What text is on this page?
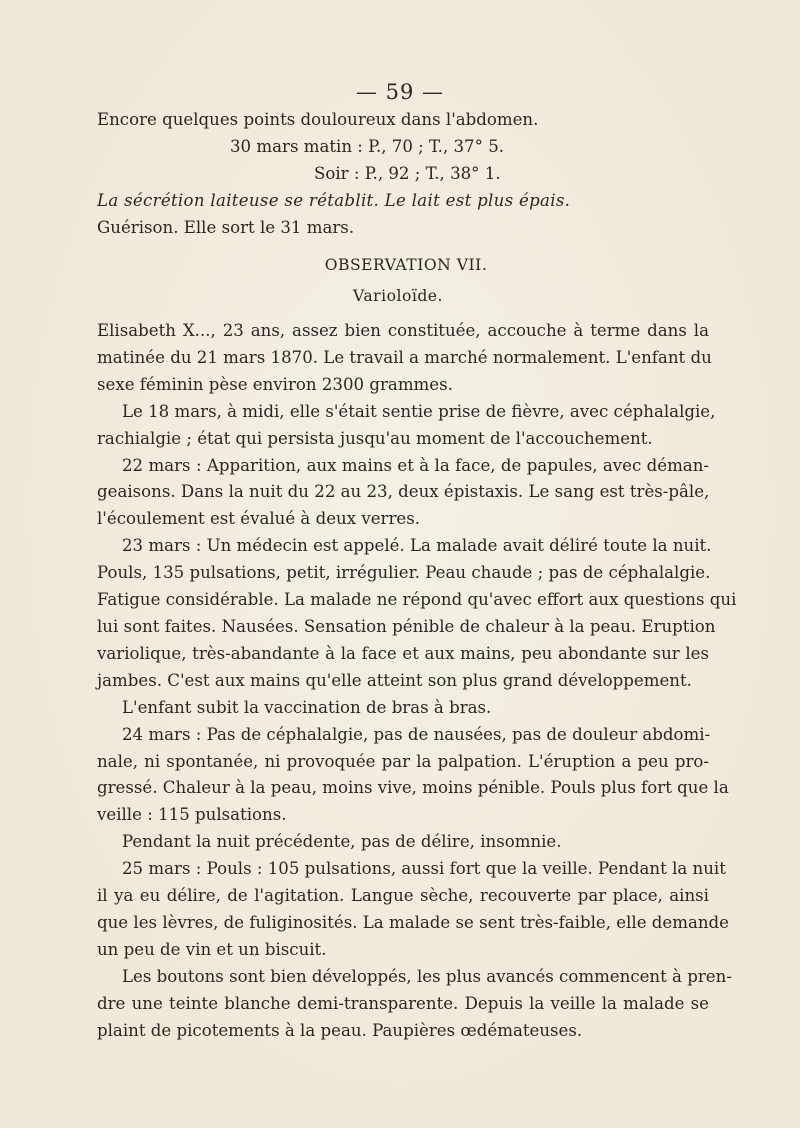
— 59 —
Encore quelques points douloureux dans l'abdomen.
30 mars matin : P., 70 ; T., 37° 5.
Soir : P., 92 ; T., 38° 1.
La sécrétion laiteuse se rétablit. Le lait est plus épais.
Guérison. Elle sort le 31 mars.
OBSERVATION VII.
Varioloïde.
Elisabeth X..., 23 ans, assez bien constituée, accouche à terme dans la
matinée du 21 mars 1870. Le travail a marché normalement. L'enfant du
sexe féminin pèse environ 2300 grammes.
Le 18 mars, à midi, elle s'était sentie prise de fièvre, avec céphalalgie,
rachialgie ; état qui persista jusqu'au moment de l'accouchement.
22 mars : Apparition, aux mains et à la face, de papules, avec déman-
geaisons. Dans la nuit du 22 au 23, deux épistaxis. Le sang est très-pâle,
l'écoulement est évalué à deux verres.
23 mars : Un médecin est appelé. La malade avait déliré toute la nuit.
Pouls, 135 pulsations, petit, irrégulier. Peau chaude ; pas de céphalalgie.
Fatigue considérable. La malade ne répond qu'avec effort aux questions qui
lui sont faites. Nausées. Sensation pénible de chaleur à la peau. Eruption
variolique, très-abandante à la face et aux mains, peu abondante sur les
jambes. C'est aux mains qu'elle atteint son plus grand développement.
L'enfant subit la vaccination de bras à bras.
24 mars : Pas de céphalalgie, pas de nausées, pas de douleur abdomi-
nale, ni spontanée, ni provoquée par la palpation. L'éruption a peu pro-
gressé. Chaleur à la peau, moins vive, moins pénible. Pouls plus fort que la
veille : 115 pulsations.
Pendant la nuit précédente, pas de délire, insomnie.
25 mars : Pouls : 105 pulsations, aussi fort que la veille. Pendant la nuit
il ya eu délire, de l'agitation. Langue sèche, recouverte par place, ainsi
que les lèvres, de fuliginosités. La malade se sent très-faible, elle demande
un peu de vin et un biscuit.
Les boutons sont bien développés, les plus avancés commencent à pren-
dre une teinte blanche demi-transparente. Depuis la veille la malade se
plaint de picotements à la peau. Paupières œdémateuses.
